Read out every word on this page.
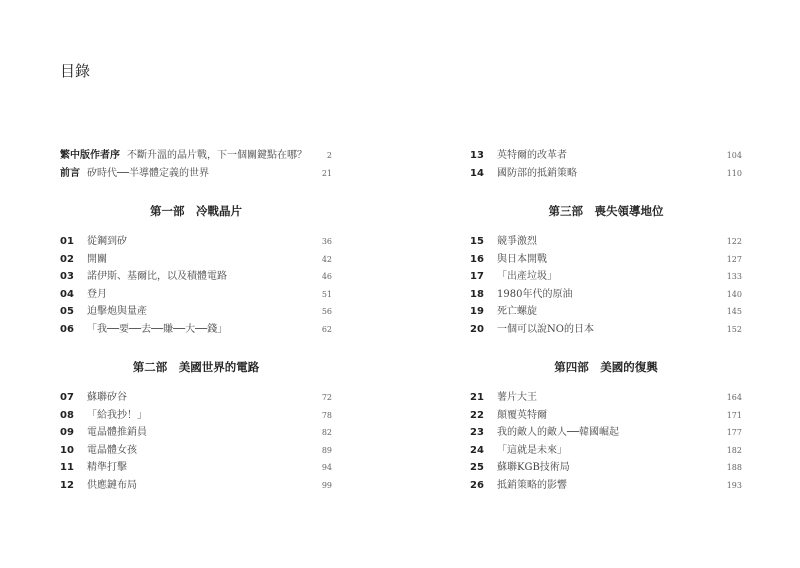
目錄
繁中版作者序 不斷升溫的晶片戰，下一個關鍵點在哪？ 2
前言 矽時代──半導體定義的世界	21
第一部　冷戰晶片
01 從鋼到矽	36
02 開關	42
03 諾伊斯、基爾比，以及積體電路	46
04 登月	51
05 迫擊炮與量產	56
06 「我──要──去──賺──大──錢」	62
第二部　美國世界的電路
07 蘇聯矽谷	72
08 「給我抄！」	78
09 電晶體推銷員	82
10 電晶體女孩	89
11 精準打擊	94
12 供應鏈布局	99
13 英特爾的改革者	104
14 國防部的抵銷策略	110
第三部　喪失領導地位
15 競爭激烈	122
16 與日本開戰	127
17 「出產垃圾」	133
18 1980年代的原油	140
19 死亡螺旋	145
20 一個可以說NO的日本	152
第四部　美國的復興
21 薯片大王	164
22 顛覆英特爾	171
23 我的敵人的敵人──韓國崛起	177
24 「這就是未來」	182
25 蘇聯KGB技術局	188
26 抵銷策略的影響	193
